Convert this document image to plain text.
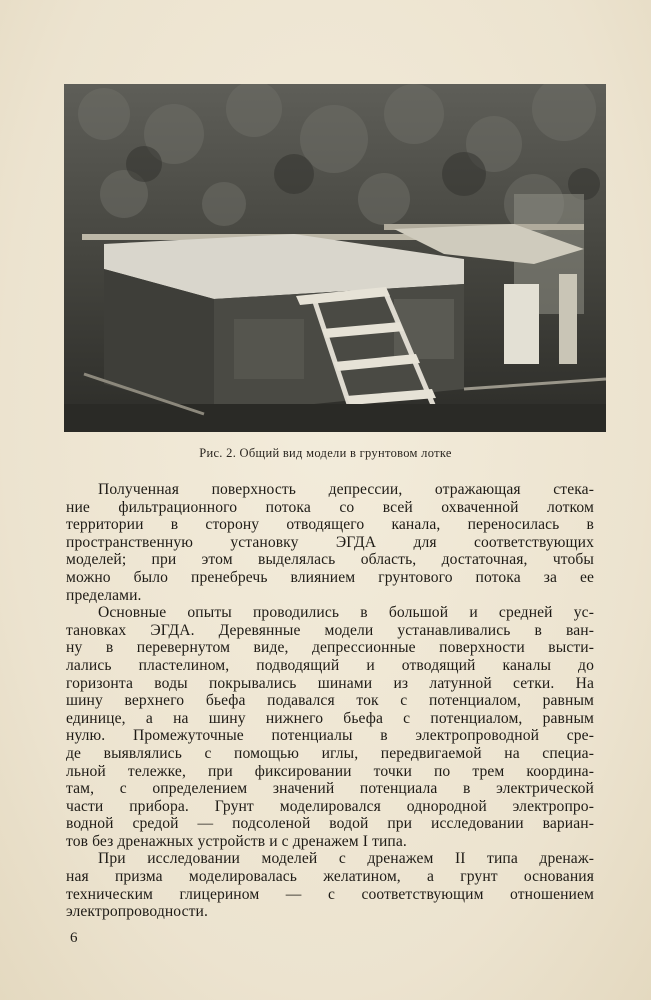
Рис. 2. Общий вид модели в грунтовом лотке
Полученная поверхность депрессии, отражающая стека-
ние фильтрационного потока со всей охваченной лотком
территории в сторону отводящего канала, переносилась в
пространственную установку ЭГДА для соответствующих
моделей; при этом выделялась область, достаточная, чтобы
можно было пренебречь влиянием грунтового потока за ее
пределами.
Основные опыты проводились в большой и средней ус-
тановках ЭГДА. Деревянные модели устанавливались в ван-
ну в перевернутом виде, депрессионные поверхности высти-
лались пластелином, подводящий и отводящий каналы до
горизонта воды покрывались шинами из латунной сетки. На
шину верхнего бьефа подавался ток с потенциалом, равным
единице, а на шину нижнего бьефа с потенциалом, равным
нулю. Промежуточные потенциалы в электропроводной сре-
де выявлялись с помощью иглы, передвигаемой на специа-
льной тележке, при фиксировании точки по трем координа-
там, с определением значений потенциала в электрической
части прибора. Грунт моделировался однородной электропро-
водной средой — подсоленой водой при исследовании вариан-
тов без дренажных устройств и с дренажем I типа.
При исследовании моделей с дренажем II типа дренаж-
ная призма моделировалась желатином, а грунт основания
техническим глицерином — с соответствующим отношением
электропроводности.
6
